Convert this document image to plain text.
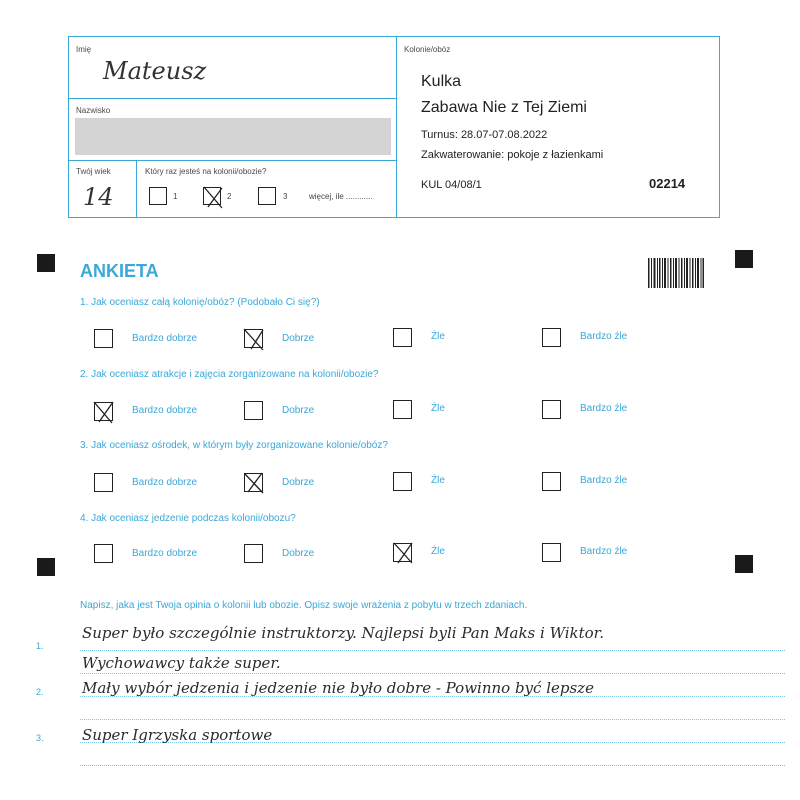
Imię
Mateusz
Nazwisko
Twój wiek
14
Który raz jesteś na kolonii/obozie?
1	2	3	więcej, ile ............
Kolonie/obóz
Kulka
Zabawa Nie z Tej Ziemi
Turnus: 28.07-07.08.2022
Zakwaterowanie: pokoje z łazienkami
KUL 04/08/1	02214
ANKIETA
1. Jak oceniasz całą kolonię/obóz? (Podobało Ci się?)
Bardzo dobrze	Dobrze	Źle	Bardzo źle
2. Jak oceniasz atrakcje i zajęcia zorganizowane na kolonii/obozie?
Bardzo dobrze	Dobrze	Źle	Bardzo źle
3. Jak oceniasz ośrodek, w którym były zorganizowane kolonie/obóz?
Bardzo dobrze	Dobrze	Źle	Bardzo źle
4. Jak oceniasz jedzenie podczas kolonii/obozu?
Bardzo dobrze	Dobrze	Źle	Bardzo źle
Napisz, jaka jest Twoja opinia o kolonii lub obozie. Opisz swoje wrażenia z pobytu w trzech zdaniach.
1.
2.
3.
Super było szczególnie instruktorzy. Najlepsi byli Pan Maks i Wiktor.
Wychowawcy także super.
Mały wybór jedzenia i jedzenie nie było dobre - Powinno być lepsze
Super Igrzyska sportowe
